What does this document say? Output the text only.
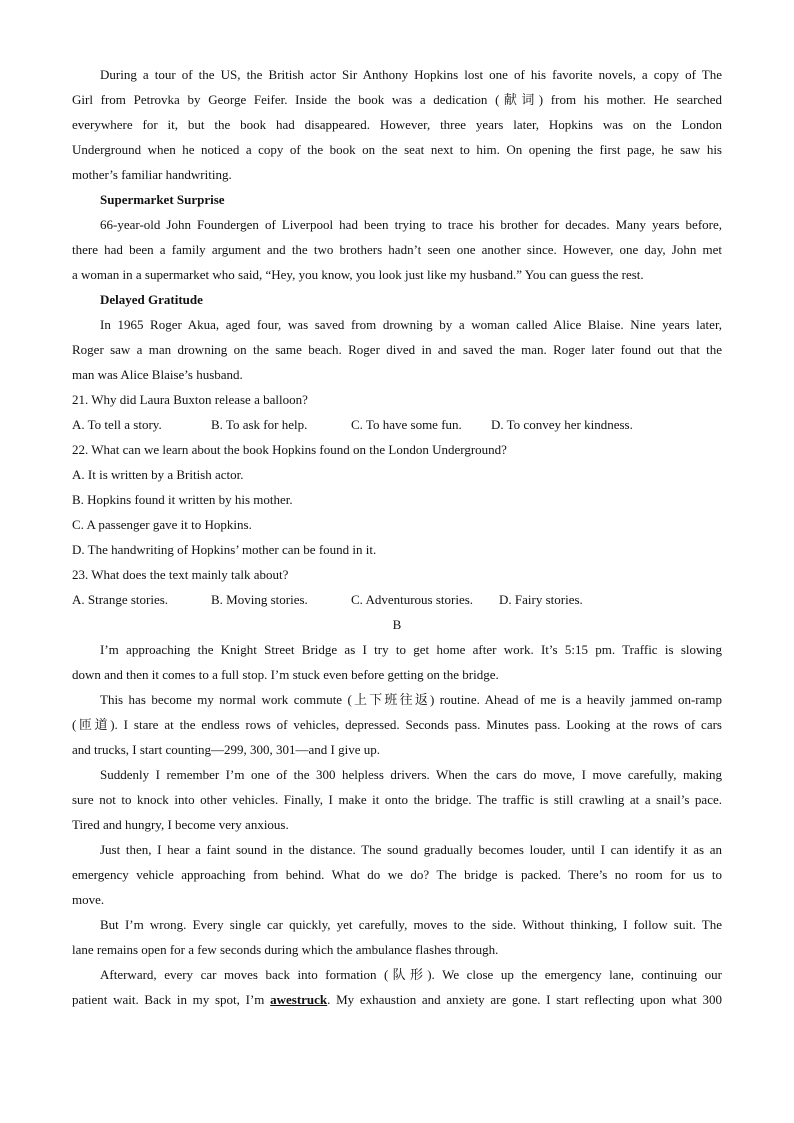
During a tour of the US, the British actor Sir Anthony Hopkins lost one of his favorite novels, a copy of The
Girl from Petrovka by George Feifer. Inside the book was a dedication (献词) from his mother. He searched
everywhere for it, but the book had disappeared. However, three years later, Hopkins was on the London
Underground when he noticed a copy of the book on the seat next to him. On opening the first page, he saw his
mother’s familiar handwriting.
Supermarket Surprise
66-year-old John Foundergen of Liverpool had been trying to trace his brother for decades. Many years before,
there had been a family argument and the two brothers hadn’t seen one another since. However, one day, John met
a woman in a supermarket who said, “Hey, you know, you look just like my husband.” You can guess the rest.
Delayed Gratitude
In 1965 Roger Akua, aged four, was saved from drowning by a woman called Alice Blaise. Nine years later,
Roger saw a man drowning on the same beach. Roger dived in and saved the man. Roger later found out that the
man was Alice Blaise’s husband.
21. Why did Laura Buxton release a balloon?
A. To tell a story.	B. To ask for help.	C. To have some fun.	D. To convey her kindness.
22. What can we learn about the book Hopkins found on the London Underground?
A. It is written by a British actor.
B. Hopkins found it written by his mother.
C. A passenger gave it to Hopkins.
D. The handwriting of Hopkins’ mother can be found in it.
23. What does the text mainly talk about?
A. Strange stories.	B. Moving stories.	C. Adventurous stories.	D. Fairy stories.
B
I’m approaching the Knight Street Bridge as I try to get home after work. It’s 5:15 pm. Traffic is slowing
down and then it comes to a full stop. I’m stuck even before getting on the bridge.
This has become my normal work commute (上下班往返) routine. Ahead of me is a heavily jammed on-ramp
(匝道). I stare at the endless rows of vehicles, depressed. Seconds pass. Minutes pass. Looking at the rows of cars
and trucks, I start counting—299, 300, 301—and I give up.
Suddenly I remember I’m one of the 300 helpless drivers. When the cars do move, I move carefully, making
sure not to knock into other vehicles. Finally, I make it onto the bridge. The traffic is still crawling at a snail’s pace.
Tired and hungry, I become very anxious.
Just then, I hear a faint sound in the distance. The sound gradually becomes louder, until I can identify it as an
emergency vehicle approaching from behind. What do we do? The bridge is packed. There’s no room for us to
move.
But I’m wrong. Every single car quickly, yet carefully, moves to the side. Without thinking, I follow suit. The
lane remains open for a few seconds during which the ambulance flashes through.
Afterward, every car moves back into formation (队形). We close up the emergency lane, continuing our
patient wait. Back in my spot, I’m awestruck. My exhaustion and anxiety are gone. I start reflecting upon what 300
